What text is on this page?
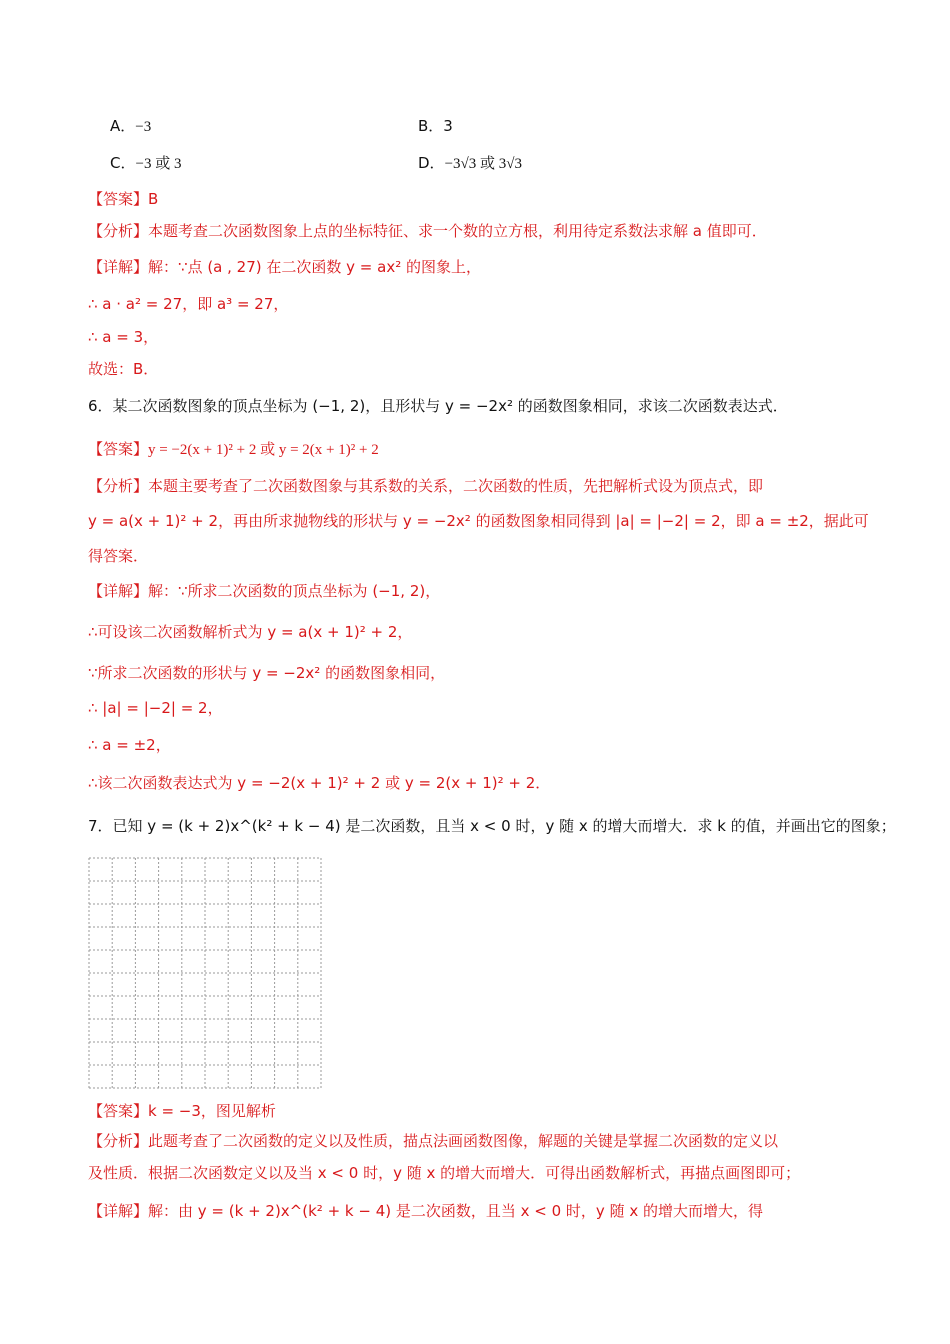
A．−3	B．3
C．−3 或 3	D．−3√3 或 3√3
【答案】B
【分析】本题考查二次函数图象上点的坐标特征、求一个数的立方根，利用待定系数法求解 a 值即可．
【详解】解：∵点 (a , 27) 在二次函数 y = ax² 的图象上，
∴ a · a² = 27，即 a³ = 27，
∴ a = 3，
故选：B．
6．某二次函数图象的顶点坐标为 (−1, 2)，且形状与 y = −2x² 的函数图象相同，求该二次函数表达式．
【答案】y = −2(x + 1)² + 2 或 y = 2(x + 1)² + 2
【分析】本题主要考查了二次函数图象与其系数的关系，二次函数的性质，先把解析式设为顶点式，即
y = a(x + 1)² + 2，再由所求抛物线的形状与 y = −2x² 的函数图象相同得到 |a| = |−2| = 2，即 a = ±2，据此可
得答案．
【详解】解：∵所求二次函数的顶点坐标为 (−1, 2)，
∴可设该二次函数解析式为 y = a(x + 1)² + 2，
∵所求二次函数的形状与 y = −2x² 的函数图象相同，
∴ |a| = |−2| = 2，
∴ a = ±2，
∴该二次函数表达式为 y = −2(x + 1)² + 2 或 y = 2(x + 1)² + 2．
7．已知 y = (k + 2)x^(k² + k − 4) 是二次函数，且当 x < 0 时，y 随 x 的增大而增大．求 k 的值，并画出它的图象；
【答案】k = −3，图见解析
【分析】此题考查了二次函数的定义以及性质，描点法画函数图像，解题的关键是掌握二次函数的定义以
及性质．根据二次函数定义以及当 x < 0 时，y 随 x 的增大而增大．可得出函数解析式，再描点画图即可；
【详解】解：由 y = (k + 2)x^(k² + k − 4) 是二次函数，且当 x < 0 时，y 随 x 的增大而增大，得
